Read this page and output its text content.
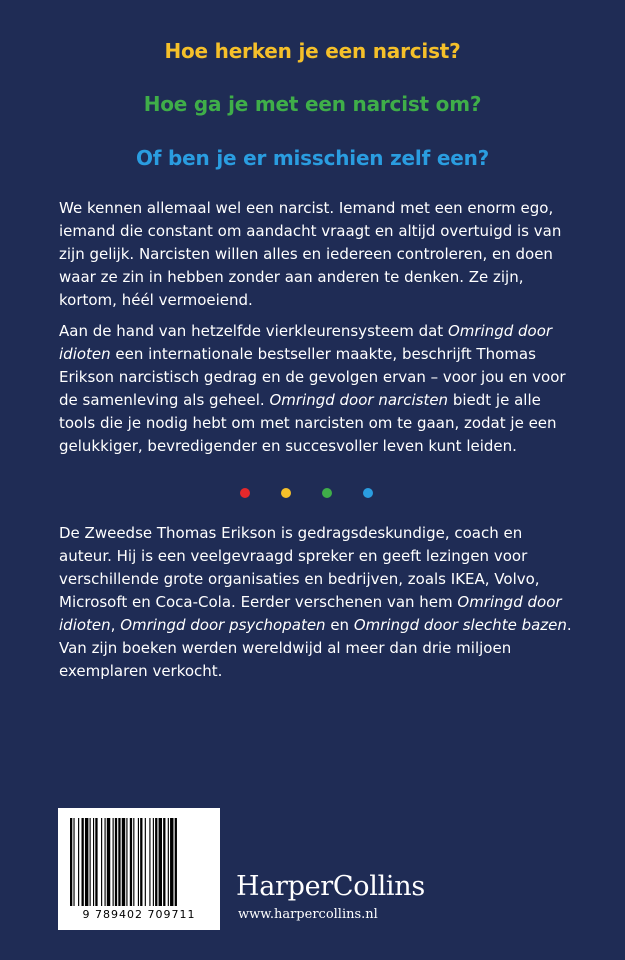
Hoe herken je een narcist?
Hoe ga je met een narcist om?
Of ben je er misschien zelf een?

We kennen allemaal wel een narcist. Iemand met een enorm ego, iemand die constant om aandacht vraagt en altijd overtuigd is van zijn gelijk. Narcisten willen alles en iedereen controleren, en doen waar ze zin in hebben zonder aan anderen te denken. Ze zijn, kortom, héél vermoeiend.

Aan de hand van hetzelfde vierkleurensysteem dat Omringd door idioten een internationale bestseller maakte, beschrijft Thomas Erikson narcistisch gedrag en de gevolgen ervan – voor jou en voor de samenleving als geheel. Omringd door narcisten biedt je alle tools die je nodig hebt om met narcisten om te gaan, zodat je een gelukkiger, bevredigender en succesvoller leven kunt leiden.

De Zweedse Thomas Erikson is gedragsdeskundige, coach en auteur. Hij is een veelgevraagd spreker en geeft lezingen voor verschillende grote organisaties en bedrijven, zoals IKEA, Volvo, Microsoft en Coca-Cola. Eerder verschenen van hem Omringd door idioten, Omringd door psychopaten en Omringd door slechte bazen. Van zijn boeken werden wereldwijd al meer dan drie miljoen exemplaren verkocht.

9 789402 709711
HarperCollins
www.harpercollins.nl
